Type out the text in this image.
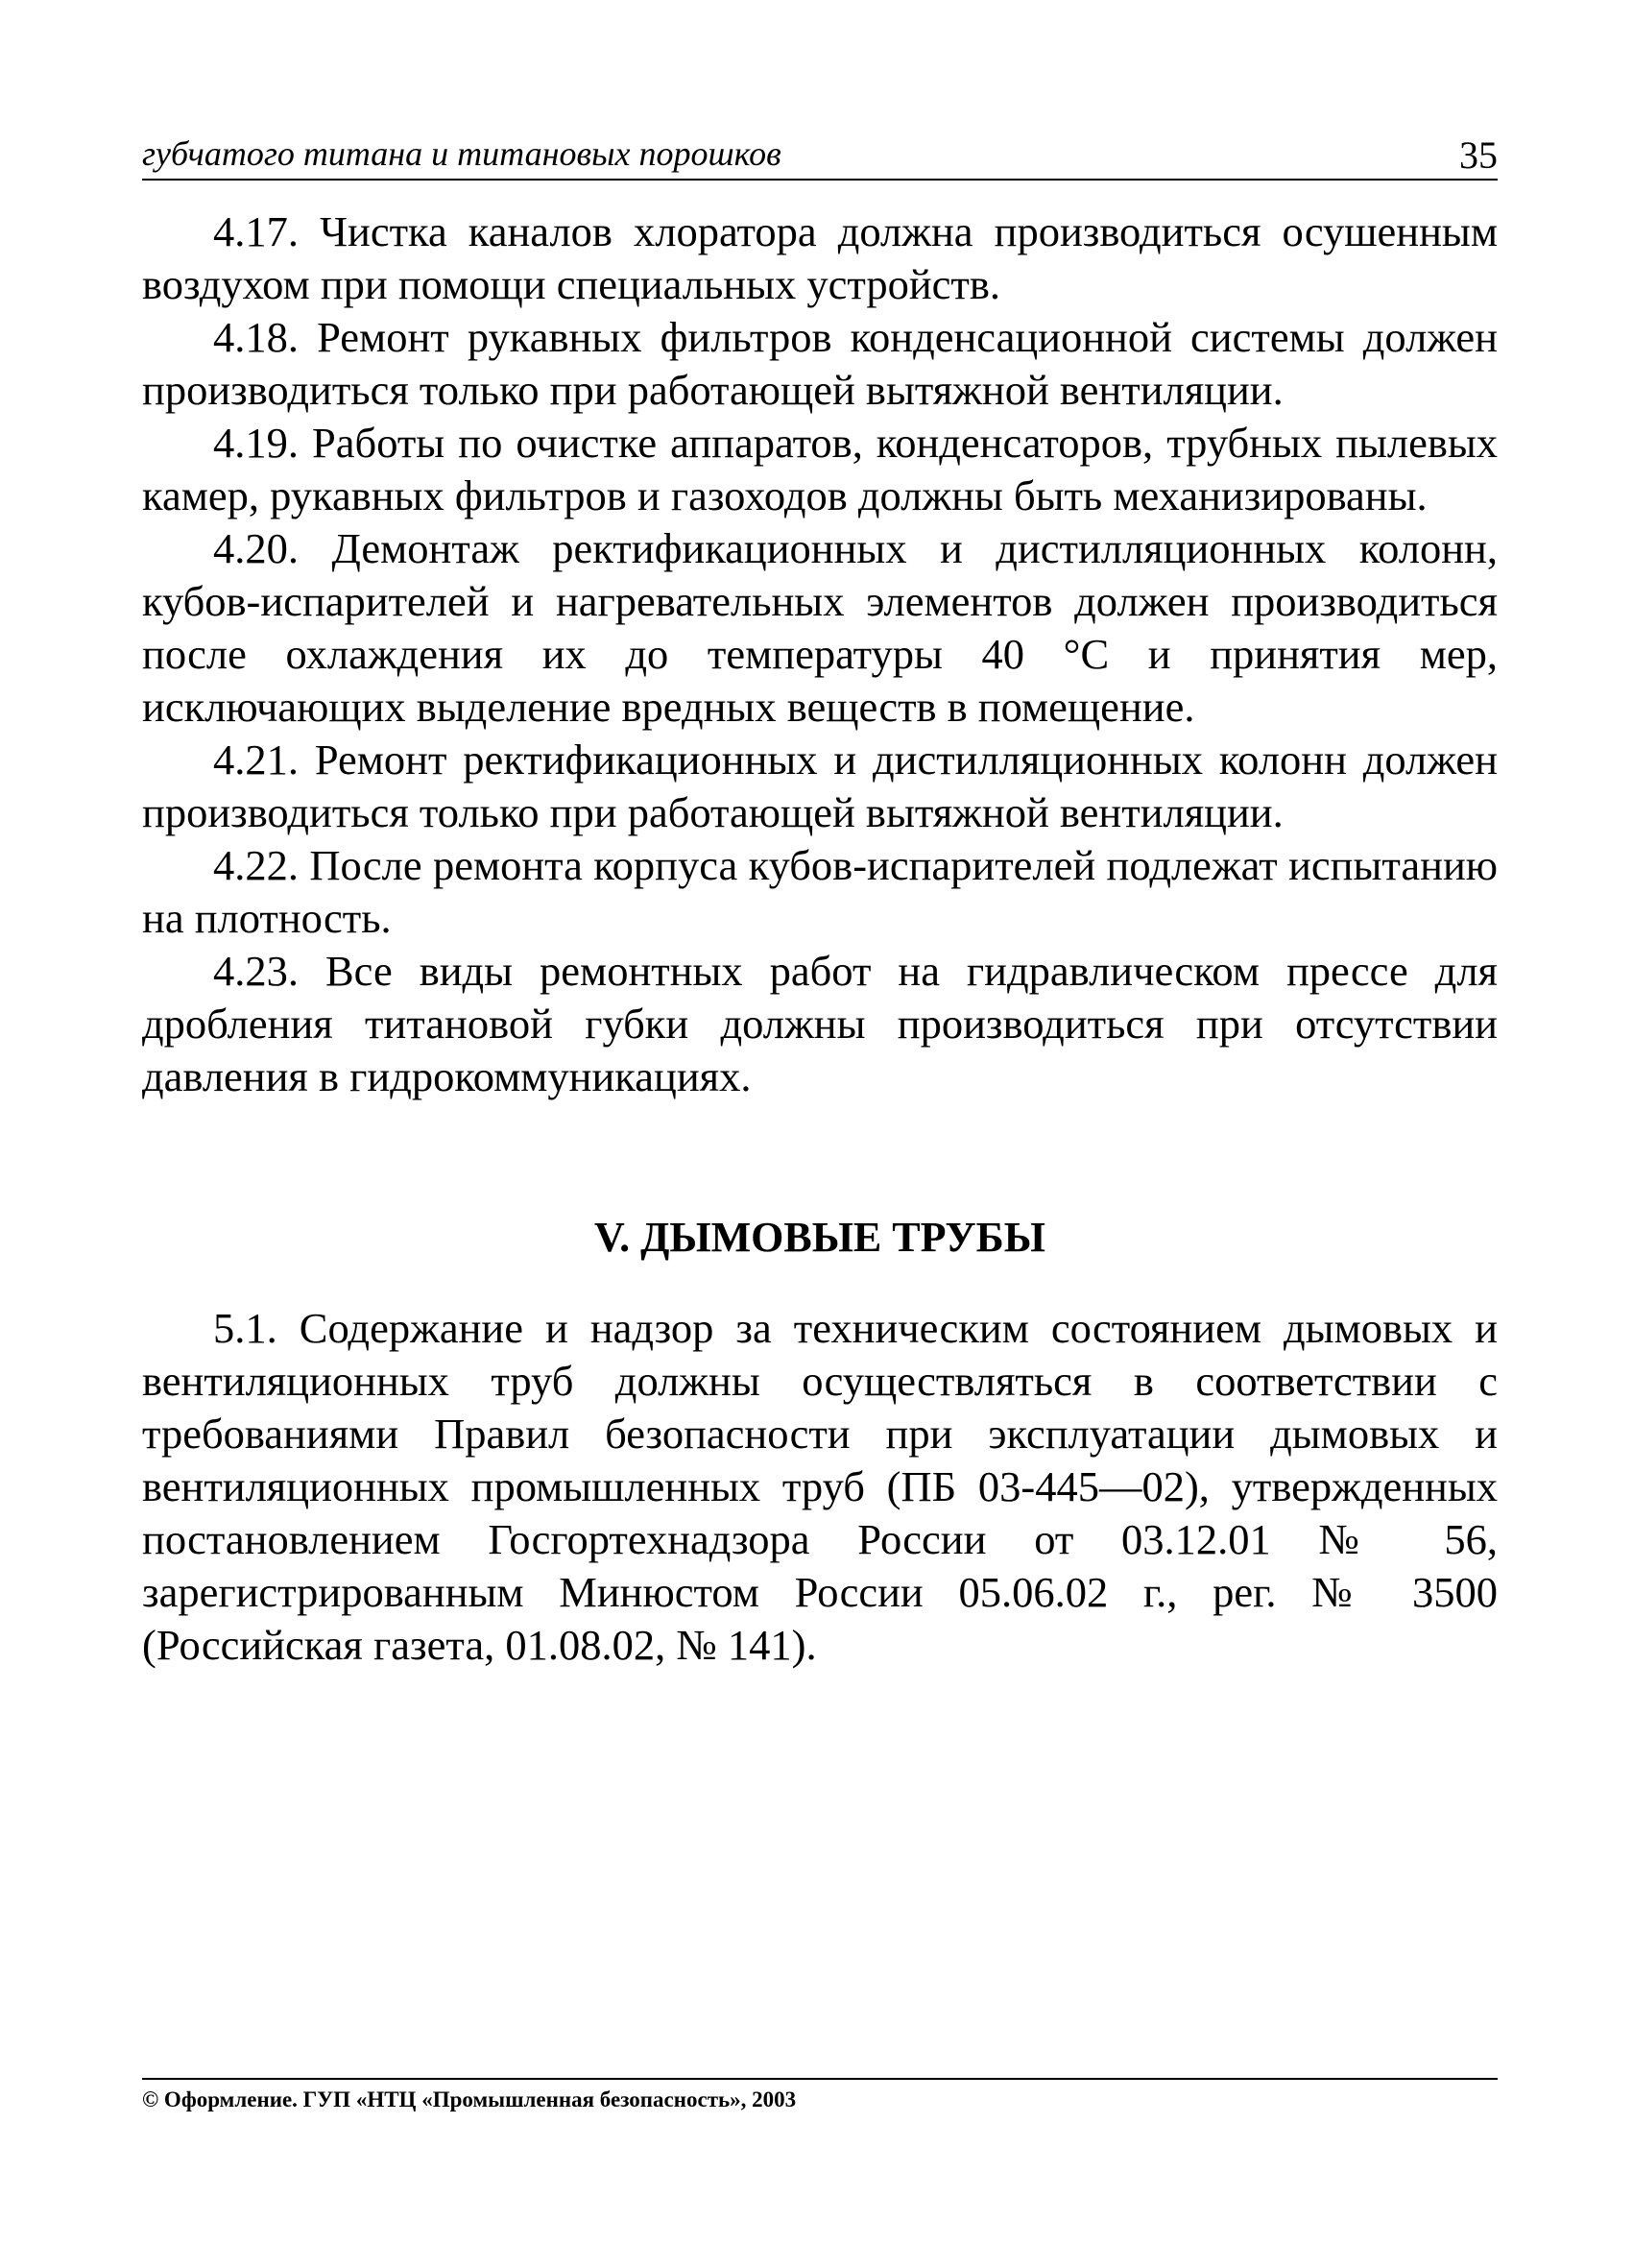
губчатого титана и титановых порошков	35

4.17. Чистка каналов хлоратора должна производиться осушенным воздухом при помощи специальных устройств.

4.18. Ремонт рукавных фильтров конденсационной системы должен производиться только при работающей вытяжной вентиляции.

4.19. Работы по очистке аппаратов, конденсаторов, трубных пылевых камер, рукавных фильтров и газоходов должны быть механизированы.

4.20. Демонтаж ректификационных и дистилляционных колонн, кубов-испарителей и нагревательных элементов должен производиться после охлаждения их до температуры 40 °С и принятия мер, исключающих выделение вредных веществ в помещение.

4.21. Ремонт ректификационных и дистилляционных колонн должен производиться только при работающей вытяжной вентиляции.

4.22. После ремонта корпуса кубов-испарителей подлежат испытанию на плотность.

4.23. Все виды ремонтных работ на гидравлическом прессе для дробления титановой губки должны производиться при отсутствии давления в гидрокоммуникациях.

V. ДЫМОВЫЕ ТРУБЫ

5.1. Содержание и надзор за техническим состоянием дымовых и вентиляционных труб должны осуществляться в соответствии с требованиями Правил безопасности при эксплуатации дымовых и вентиляционных промышленных труб (ПБ 03-445—02), утвержденных постановлением Госгортехнадзора России от 03.12.01 № 56, зарегистрированным Минюстом России 05.06.02 г., рег. № 3500 (Российская газета, 01.08.02, № 141).

© Оформление. ГУП «НТЦ «Промышленная безопасность», 2003
